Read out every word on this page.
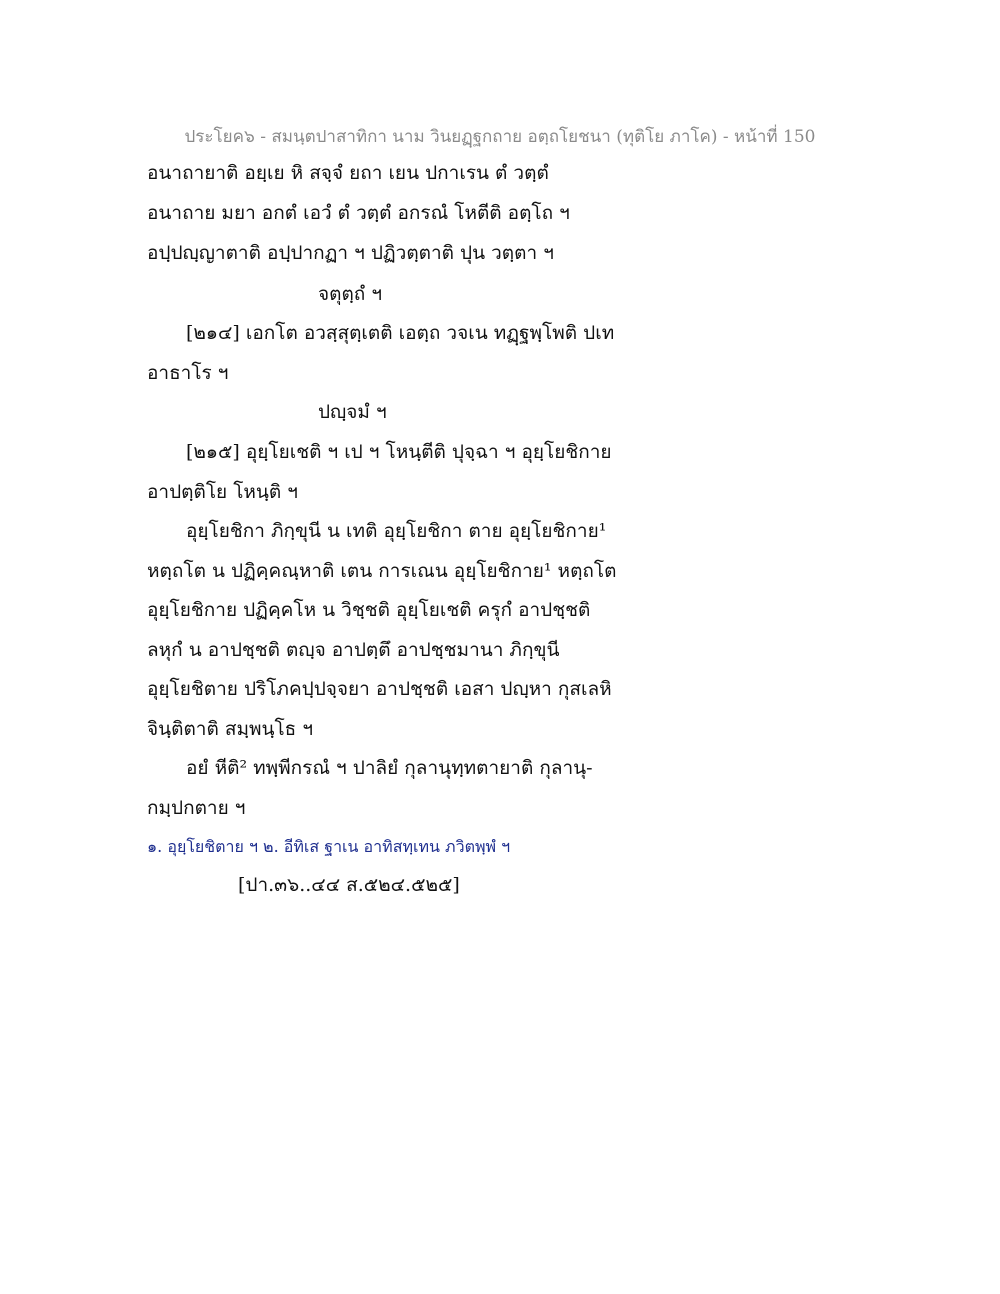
ประโยค๖ - สมนฺตปาสาทิกา นาม วินยฏฺฐกถาย อตฺถโยชนา (ทุติโย ภาโค) - หน้าที่ 150
อนาถายาติ อยฺเย หิ สจฺจํ ยถา เยน ปกาเรน ตํ วตฺตํ
อนาถาย มยา อกตํ เอวํ ตํ วตฺตํ อกรณํ โหตีติ อตฺโถ ฯ
อปฺปญฺญาตาติ อปฺปากฏา ฯ ปฏิวตฺตาติ ปุน วตฺตา ฯ
จตุตฺถํ ฯ
[๒๑๔] เอกโต อวสฺสุตฺเตติ เอตฺถ วจเน ทฏฺฐพฺโพติ ปเท
อาธาโร ฯ
ปญฺจมํ ฯ
[๒๑๕] อุยฺโยเชติ ฯ เป ฯ โหนฺตีติ ปุจฺฉา ฯ อุยฺโยชิกาย
อาปตฺติโย โหนฺติ ฯ
อุยฺโยชิกา ภิกฺขุนี น เทติ อุยฺโยชิกา ตาย อุยฺโยชิกาย¹
หตฺถโต น ปฏิคฺคณฺหาติ เตน การเณน อุยฺโยชิกาย¹ หตฺถโต
อุยฺโยชิกาย ปฏิคฺคโห น วิชฺชติ อุยฺโยเชติ ครุกํ อาปชฺชติ
ลหุกํ น อาปชฺชติ ตญฺจ อาปตฺตึ อาปชฺชมานา ภิกฺขุนี
อุยฺโยชิตาย ปริโภคปฺปจฺจยา อาปชฺชติ เอสา ปญฺหา กุสเลหิ
จินฺติตาติ สมฺพนฺโธ ฯ
อยํ หีติ² ทพฺพีกรณํ ฯ ปาลิยํ กุลานุทฺทตายาติ กุลานุ-
กมฺปกตาย ฯ
๑. อุยฺโยชิตาย ฯ ๒. อีทิเส ฐาเน อาทิสทฺเทน ภวิตพฺพํ ฯ
[ปา.๓๖..๔๔ ส.๕๒๔.๕๒๕]
